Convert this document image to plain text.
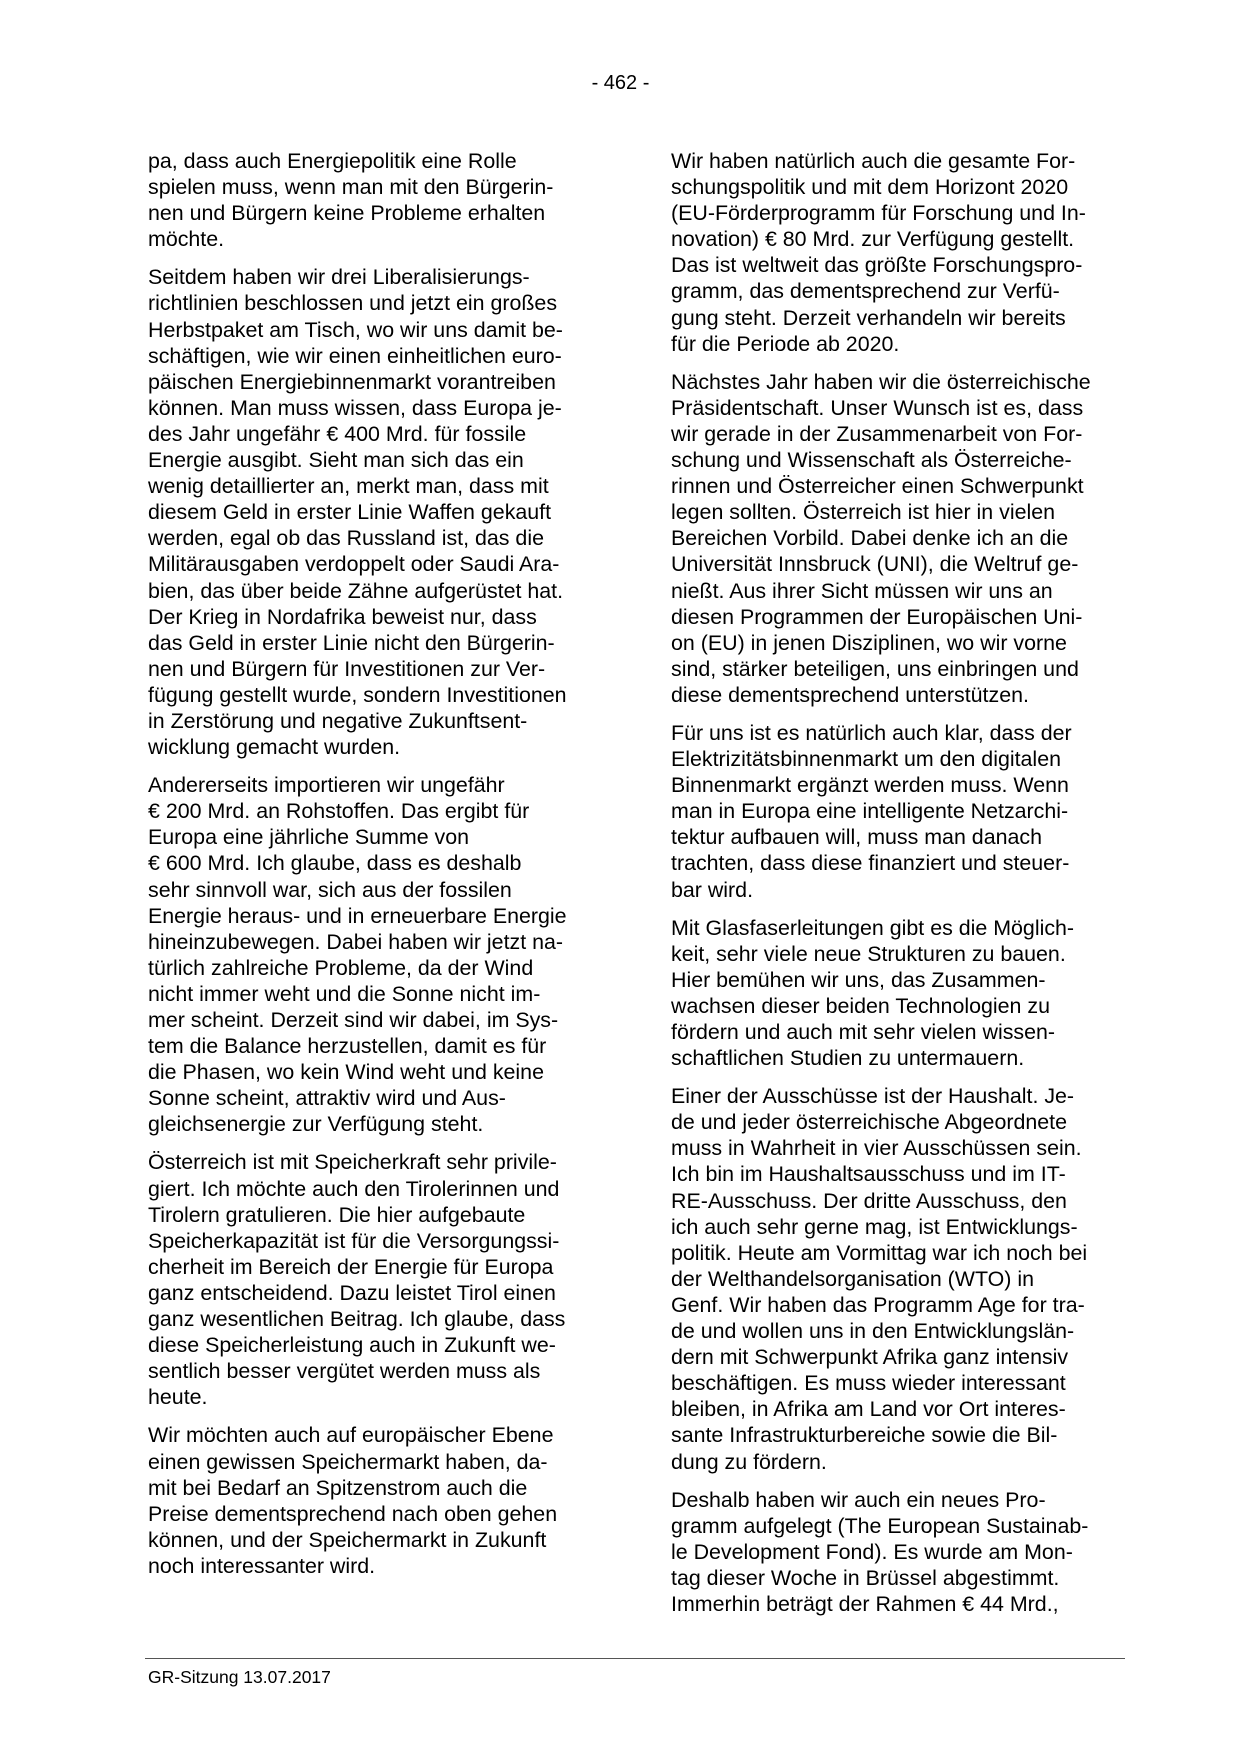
- 462 -
pa, dass auch Energiepolitik eine Rolle
spielen muss, wenn man mit den Bürgerin-
nen und Bürgern keine Probleme erhalten
möchte.
Seitdem haben wir drei Liberalisierungs-
richtlinien beschlossen und jetzt ein großes
Herbstpaket am Tisch, wo wir uns damit be-
schäftigen, wie wir einen einheitlichen euro-
päischen Energiebinnenmarkt vorantreiben
können. Man muss wissen, dass Europa je-
des Jahr ungefähr € 400 Mrd. für fossile
Energie ausgibt. Sieht man sich das ein
wenig detaillierter an, merkt man, dass mit
diesem Geld in erster Linie Waffen gekauft
werden, egal ob das Russland ist, das die
Militärausgaben verdoppelt oder Saudi Ara-
bien, das über beide Zähne aufgerüstet hat.
Der Krieg in Nordafrika beweist nur, dass
das Geld in erster Linie nicht den Bürgerin-
nen und Bürgern für Investitionen zur Ver-
fügung gestellt wurde, sondern Investitionen
in Zerstörung und negative Zukunftsent-
wicklung gemacht wurden.
Andererseits importieren wir ungefähr
€ 200 Mrd. an Rohstoffen. Das ergibt für
Europa eine jährliche Summe von
€ 600 Mrd. Ich glaube, dass es deshalb
sehr sinnvoll war, sich aus der fossilen
Energie heraus- und in erneuerbare Energie
hineinzubewegen. Dabei haben wir jetzt na-
türlich zahlreiche Probleme, da der Wind
nicht immer weht und die Sonne nicht im-
mer scheint. Derzeit sind wir dabei, im Sys-
tem die Balance herzustellen, damit es für
die Phasen, wo kein Wind weht und keine
Sonne scheint, attraktiv wird und Aus-
gleichsenergie zur Verfügung steht.
Österreich ist mit Speicherkraft sehr privile-
giert. Ich möchte auch den Tirolerinnen und
Tirolern gratulieren. Die hier aufgebaute
Speicherkapazität ist für die Versorgungssi-
cherheit im Bereich der Energie für Europa
ganz entscheidend. Dazu leistet Tirol einen
ganz wesentlichen Beitrag. Ich glaube, dass
diese Speicherleistung auch in Zukunft we-
sentlich besser vergütet werden muss als
heute.
Wir möchten auch auf europäischer Ebene
einen gewissen Speichermarkt haben, da-
mit bei Bedarf an Spitzenstrom auch die
Preise dementsprechend nach oben gehen
können, und der Speichermarkt in Zukunft
noch interessanter wird.
Wir haben natürlich auch die gesamte For-
schungspolitik und mit dem Horizont 2020
(EU-Förderprogramm für Forschung und In-
novation) € 80 Mrd. zur Verfügung gestellt.
Das ist weltweit das größte Forschungspro-
gramm, das dementsprechend zur Verfü-
gung steht. Derzeit verhandeln wir bereits
für die Periode ab 2020.
Nächstes Jahr haben wir die österreichische
Präsidentschaft. Unser Wunsch ist es, dass
wir gerade in der Zusammenarbeit von For-
schung und Wissenschaft als Österreiche-
rinnen und Österreicher einen Schwerpunkt
legen sollten. Österreich ist hier in vielen
Bereichen Vorbild. Dabei denke ich an die
Universität Innsbruck (UNI), die Weltruf ge-
nießt. Aus ihrer Sicht müssen wir uns an
diesen Programmen der Europäischen Uni-
on (EU) in jenen Disziplinen, wo wir vorne
sind, stärker beteiligen, uns einbringen und
diese dementsprechend unterstützen.
Für uns ist es natürlich auch klar, dass der
Elektrizitätsbinnenmarkt um den digitalen
Binnenmarkt ergänzt werden muss. Wenn
man in Europa eine intelligente Netzarchi-
tektur aufbauen will, muss man danach
trachten, dass diese finanziert und steuer-
bar wird.
Mit Glasfaserleitungen gibt es die Möglich-
keit, sehr viele neue Strukturen zu bauen.
Hier bemühen wir uns, das Zusammen-
wachsen dieser beiden Technologien zu
fördern und auch mit sehr vielen wissen-
schaftlichen Studien zu untermauern.
Einer der Ausschüsse ist der Haushalt. Je-
de und jeder österreichische Abgeordnete
muss in Wahrheit in vier Ausschüssen sein.
Ich bin im Haushaltsausschuss und im IT-
RE-Ausschuss. Der dritte Ausschuss, den
ich auch sehr gerne mag, ist Entwicklungs-
politik. Heute am Vormittag war ich noch bei
der Welthandelsorganisation (WTO) in
Genf. Wir haben das Programm Age for tra-
de und wollen uns in den Entwicklungslän-
dern mit Schwerpunkt Afrika ganz intensiv
beschäftigen. Es muss wieder interessant
bleiben, in Afrika am Land vor Ort interes-
sante Infrastrukturbereiche sowie die Bil-
dung zu fördern.
Deshalb haben wir auch ein neues Pro-
gramm aufgelegt (The European Sustainab-
le Development Fond). Es wurde am Mon-
tag dieser Woche in Brüssel abgestimmt.
Immerhin beträgt der Rahmen € 44 Mrd.,
GR-Sitzung 13.07.2017
